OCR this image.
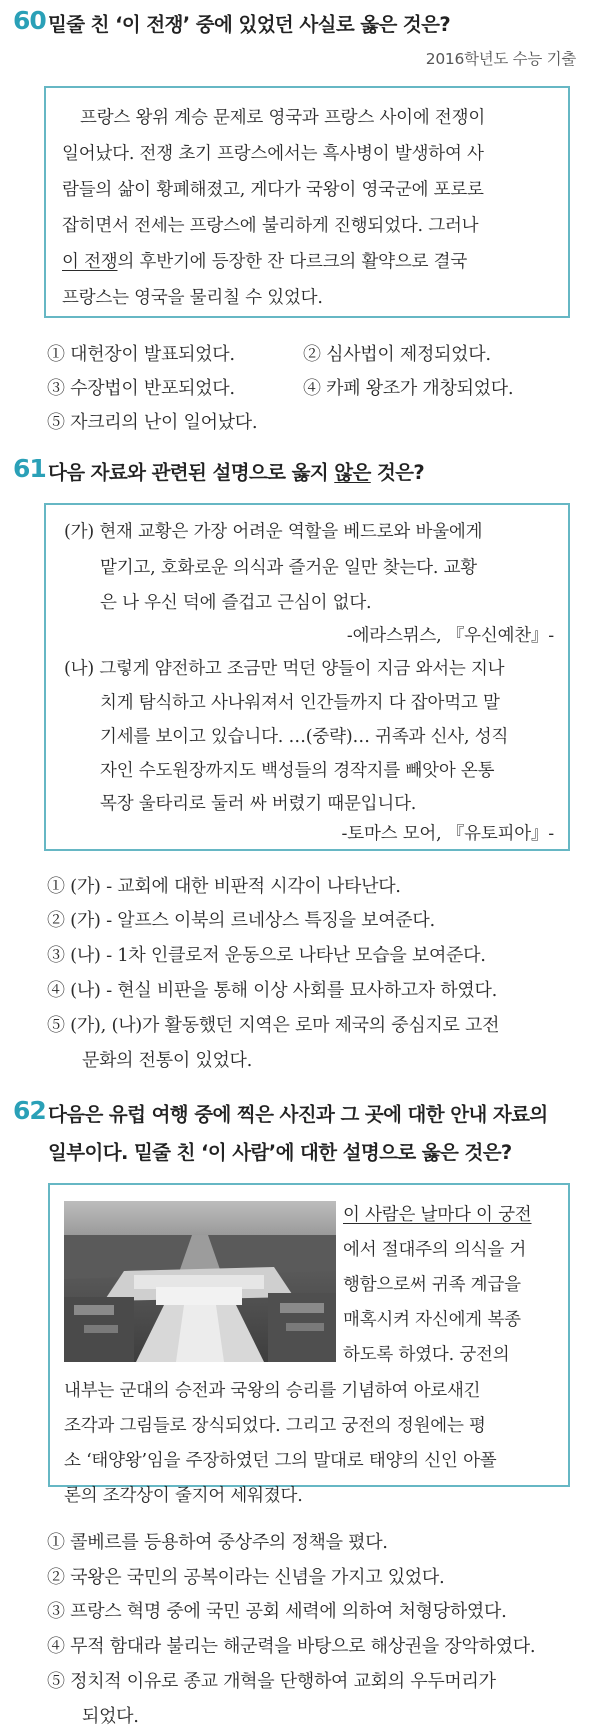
60 밑줄 친 ‘이 전쟁’ 중에 있었던 사실로 옳은 것은?
2016학년도 수능 기출
프랑스 왕위 계승 문제로 영국과 프랑스 사이에 전쟁이
일어났다. 전쟁 초기 프랑스에서는 흑사병이 발생하여 사
람들의 삶이 황폐해졌고, 게다가 국왕이 영국군에 포로로
잡히면서 전세는 프랑스에 불리하게 진행되었다. 그러나
이 전쟁의 후반기에 등장한 잔 다르크의 활약으로 결국
프랑스는 영국을 물리칠 수 있었다.
① 대헌장이 발표되었다.	② 심사법이 제정되었다.
③ 수장법이 반포되었다.	④ 카페 왕조가 개창되었다.
⑤ 자크리의 난이 일어났다.
61 다음 자료와 관련된 설명으로 옳지 않은 것은?
(가) 현재 교황은 가장 어려운 역할을 베드로와 바울에게
맡기고, 호화로운 의식과 즐거운 일만 찾는다. 교황
은 나 우신 덕에 즐겁고 근심이 없다.
-에라스뮈스, 『우신예찬』-
(나) 그렇게 얌전하고 조금만 먹던 양들이 지금 와서는 지나
치게 탐식하고 사나워져서 인간들까지 다 잡아먹고 말
기세를 보이고 있습니다. …(중략)… 귀족과 신사, 성직
자인 수도원장까지도 백성들의 경작지를 빼앗아 온통
목장 울타리로 둘러 싸 버렸기 때문입니다.
-토마스 모어, 『유토피아』-
① (가) - 교회에 대한 비판적 시각이 나타난다.
② (가) - 알프스 이북의 르네상스 특징을 보여준다.
③ (나) - 1차 인클로저 운동으로 나타난 모습을 보여준다.
④ (나) - 현실 비판을 통해 이상 사회를 묘사하고자 하였다.
⑤ (가), (나)가 활동했던 지역은 로마 제국의 중심지로 고전
문화의 전통이 있었다.
62 다음은 유럽 여행 중에 찍은 사진과 그 곳에 대한 안내 자료의
일부이다. 밑줄 친 ‘이 사람’에 대한 설명으로 옳은 것은?
이 사람은 날마다 이 궁전
에서 절대주의 의식을 거
행함으로써 귀족 계급을
매혹시켜 자신에게 복종
하도록 하였다. 궁전의
내부는 군대의 승전과 국왕의 승리를 기념하여 아로새긴
조각과 그림들로 장식되었다. 그리고 궁전의 정원에는 평
소 ‘태양왕’임을 주장하였던 그의 말대로 태양의 신인 아폴
론의 조각상이 줄지어 세워졌다.
① 콜베르를 등용하여 중상주의 정책을 폈다.
② 국왕은 국민의 공복이라는 신념을 가지고 있었다.
③ 프랑스 혁명 중에 국민 공회 세력에 의하여 처형당하였다.
④ 무적 함대라 불리는 해군력을 바탕으로 해상권을 장악하였다.
⑤ 정치적 이유로 종교 개혁을 단행하여 교회의 우두머리가
되었다.
